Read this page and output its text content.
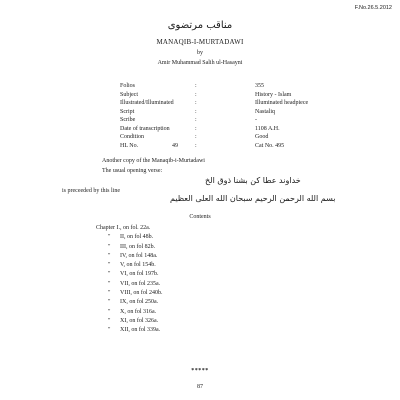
F.No.26.5.2012
مناقب مرتضوی
MANAQIB-I-MURTADAWI
by
Amir Muhammad Salih ul-Hasayni
Folios	:	355
Subject	:	History - Islam
Illustrated/Illuminated	:	Illuminated headpiece
Script	:	Nastaliq
Scribe	:	-
Date of transcription	:	1108 A.H.
Condition	:	Good
HL No.	49	:	Cat No. 495
Another copy of the Manaqib-i-Murtadawi
The usual opening verse:
خداوند عطا کن بشنا ذوق الخ
is preceeded by this line
بسم الله الرحمن الرحیم سبحان الله العلی العظیم
Contents
Chapter I., on fol. 22a.
" II, on fol 48b.
" III, on fol 82b.
" IV, on fol 148a.
" V, on fol 154b.
" VI, on fol 197b.
" VII, on fol 235a.
" VIII, on fol 240b.
" IX, on fol 250a.
" X, on fol 316a.
" XI, on fol 326a.
" XII, on fol 339a.
*****
87
